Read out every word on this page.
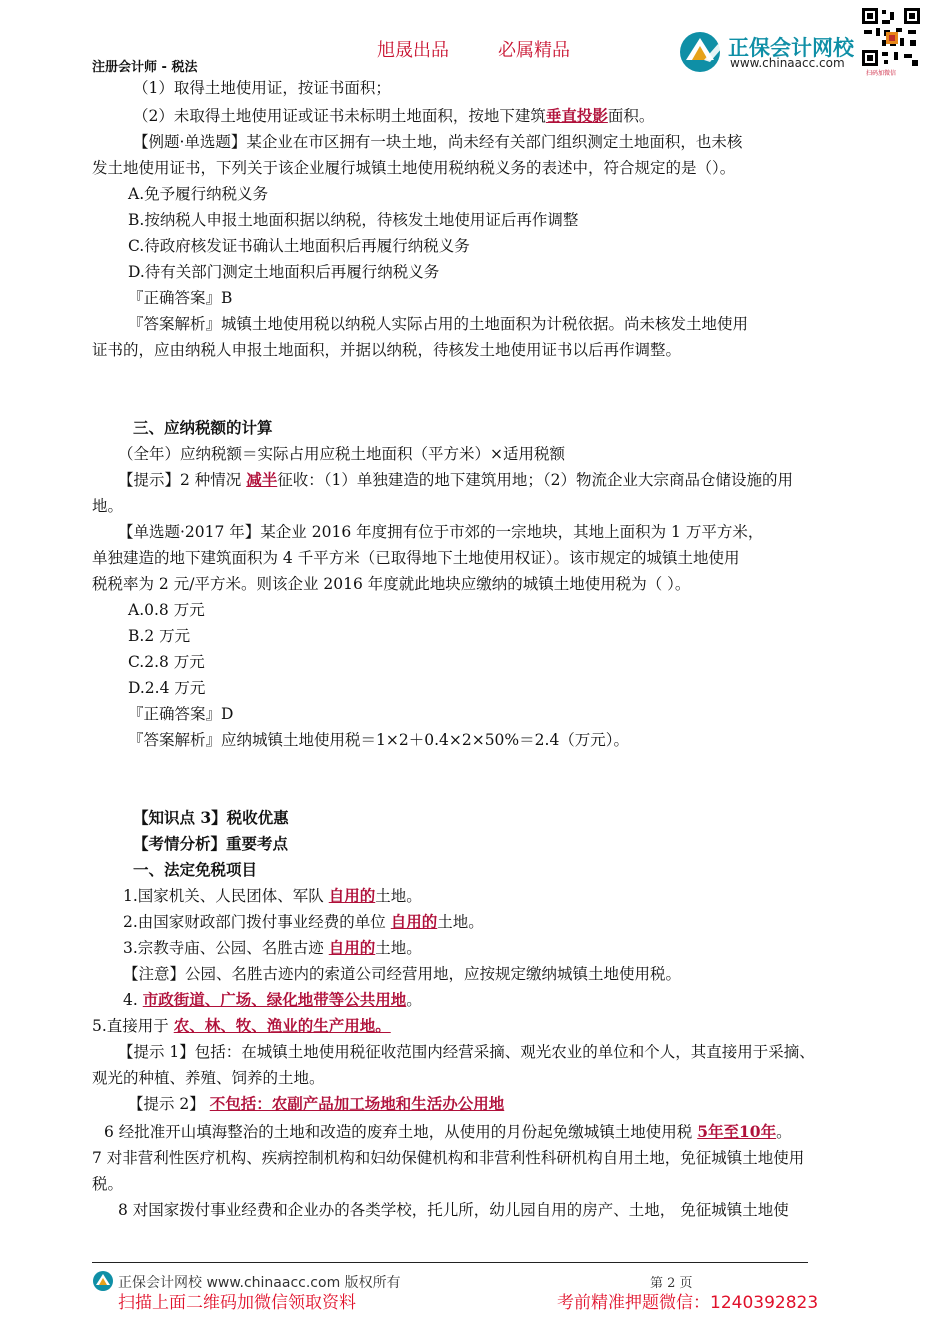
旭晟出品	必属精品
注册会计师 - 税法
正保会计网校
www.chinaacc.com
扫码加微信
（1）取得土地使用证，按证书面积；
（2）未取得土地使用证或证书未标明土地面积，按地下建筑垂直投影面积。
【例题·单选题】某企业在市区拥有一块土地，尚未经有关部门组织测定土地面积，也未核
发土地使用证书，下列关于该企业履行城镇土地使用税纳税义务的表述中，符合规定的是（）。
A.免予履行纳税义务
B.按纳税人申报土地面积据以纳税，待核发土地使用证后再作调整
C.待政府核发证书确认土地面积后再履行纳税义务
D.待有关部门测定土地面积后再履行纳税义务
『正确答案』B
『答案解析』城镇土地使用税以纳税人实际占用的土地面积为计税依据。尚未核发土地使用
证书的，应由纳税人申报土地面积，并据以纳税，待核发土地使用证书以后再作调整。
三、应纳税额的计算
（全年）应纳税额＝实际占用应税土地面积（平方米）×适用税额
【提示】2 种情况 减半征收：（1）单独建造的地下建筑用地；（2）物流企业大宗商品仓储设施的用
地。
【单选题·2017 年】某企业 2016 年度拥有位于市郊的一宗地块，其地上面积为 1 万平方米，
单独建造的地下建筑面积为 4 千平方米（已取得地下土地使用权证）。该市规定的城镇土地使用
税税率为 2 元/平方米。则该企业 2016 年度就此地块应缴纳的城镇土地使用税为（ ）。
A.0.8 万元
B.2 万元
C.2.8 万元
D.2.4 万元
『正确答案』D
『答案解析』应纳城镇土地使用税＝1×2＋0.4×2×50%＝2.4（万元）。
【知识点 3】税收优惠
【考情分析】重要考点
一、法定免税项目
1.国家机关、人民团体、军队 自用的土地。
2.由国家财政部门拨付事业经费的单位 自用的土地。
3.宗教寺庙、公园、名胜古迹 自用的土地。
【注意】公园、名胜古迹内的索道公司经营用地，应按规定缴纳城镇土地使用税。
4. 市政街道、广场、绿化地带等公共用地。
5.直接用于 农、林、牧、渔业的生产用地。
【提示 1】包括：在城镇土地使用税征收范围内经营采摘、观光农业的单位和个人，其直接用于采摘、
观光的种植、养殖、饲养的土地。
【提示 2】 不包括：农副产品加工场地和生活办公用地
6 经批准开山填海整治的土地和改造的废弃土地，从使用的月份起免缴城镇土地使用税 5年至10年。
7 对非营利性医疗机构、疾病控制机构和妇幼保健机构和非营利性科研机构自用土地，免征城镇土地使用
税。
8 对国家拨付事业经费和企业办的各类学校，托儿所，幼儿园自用的房产、土地， 免征城镇土地使
正保会计网校 www.chinaacc.com 版权所有	第 2 页
扫描上面二维码加微信领取资料	考前精准押题微信：1240392823
